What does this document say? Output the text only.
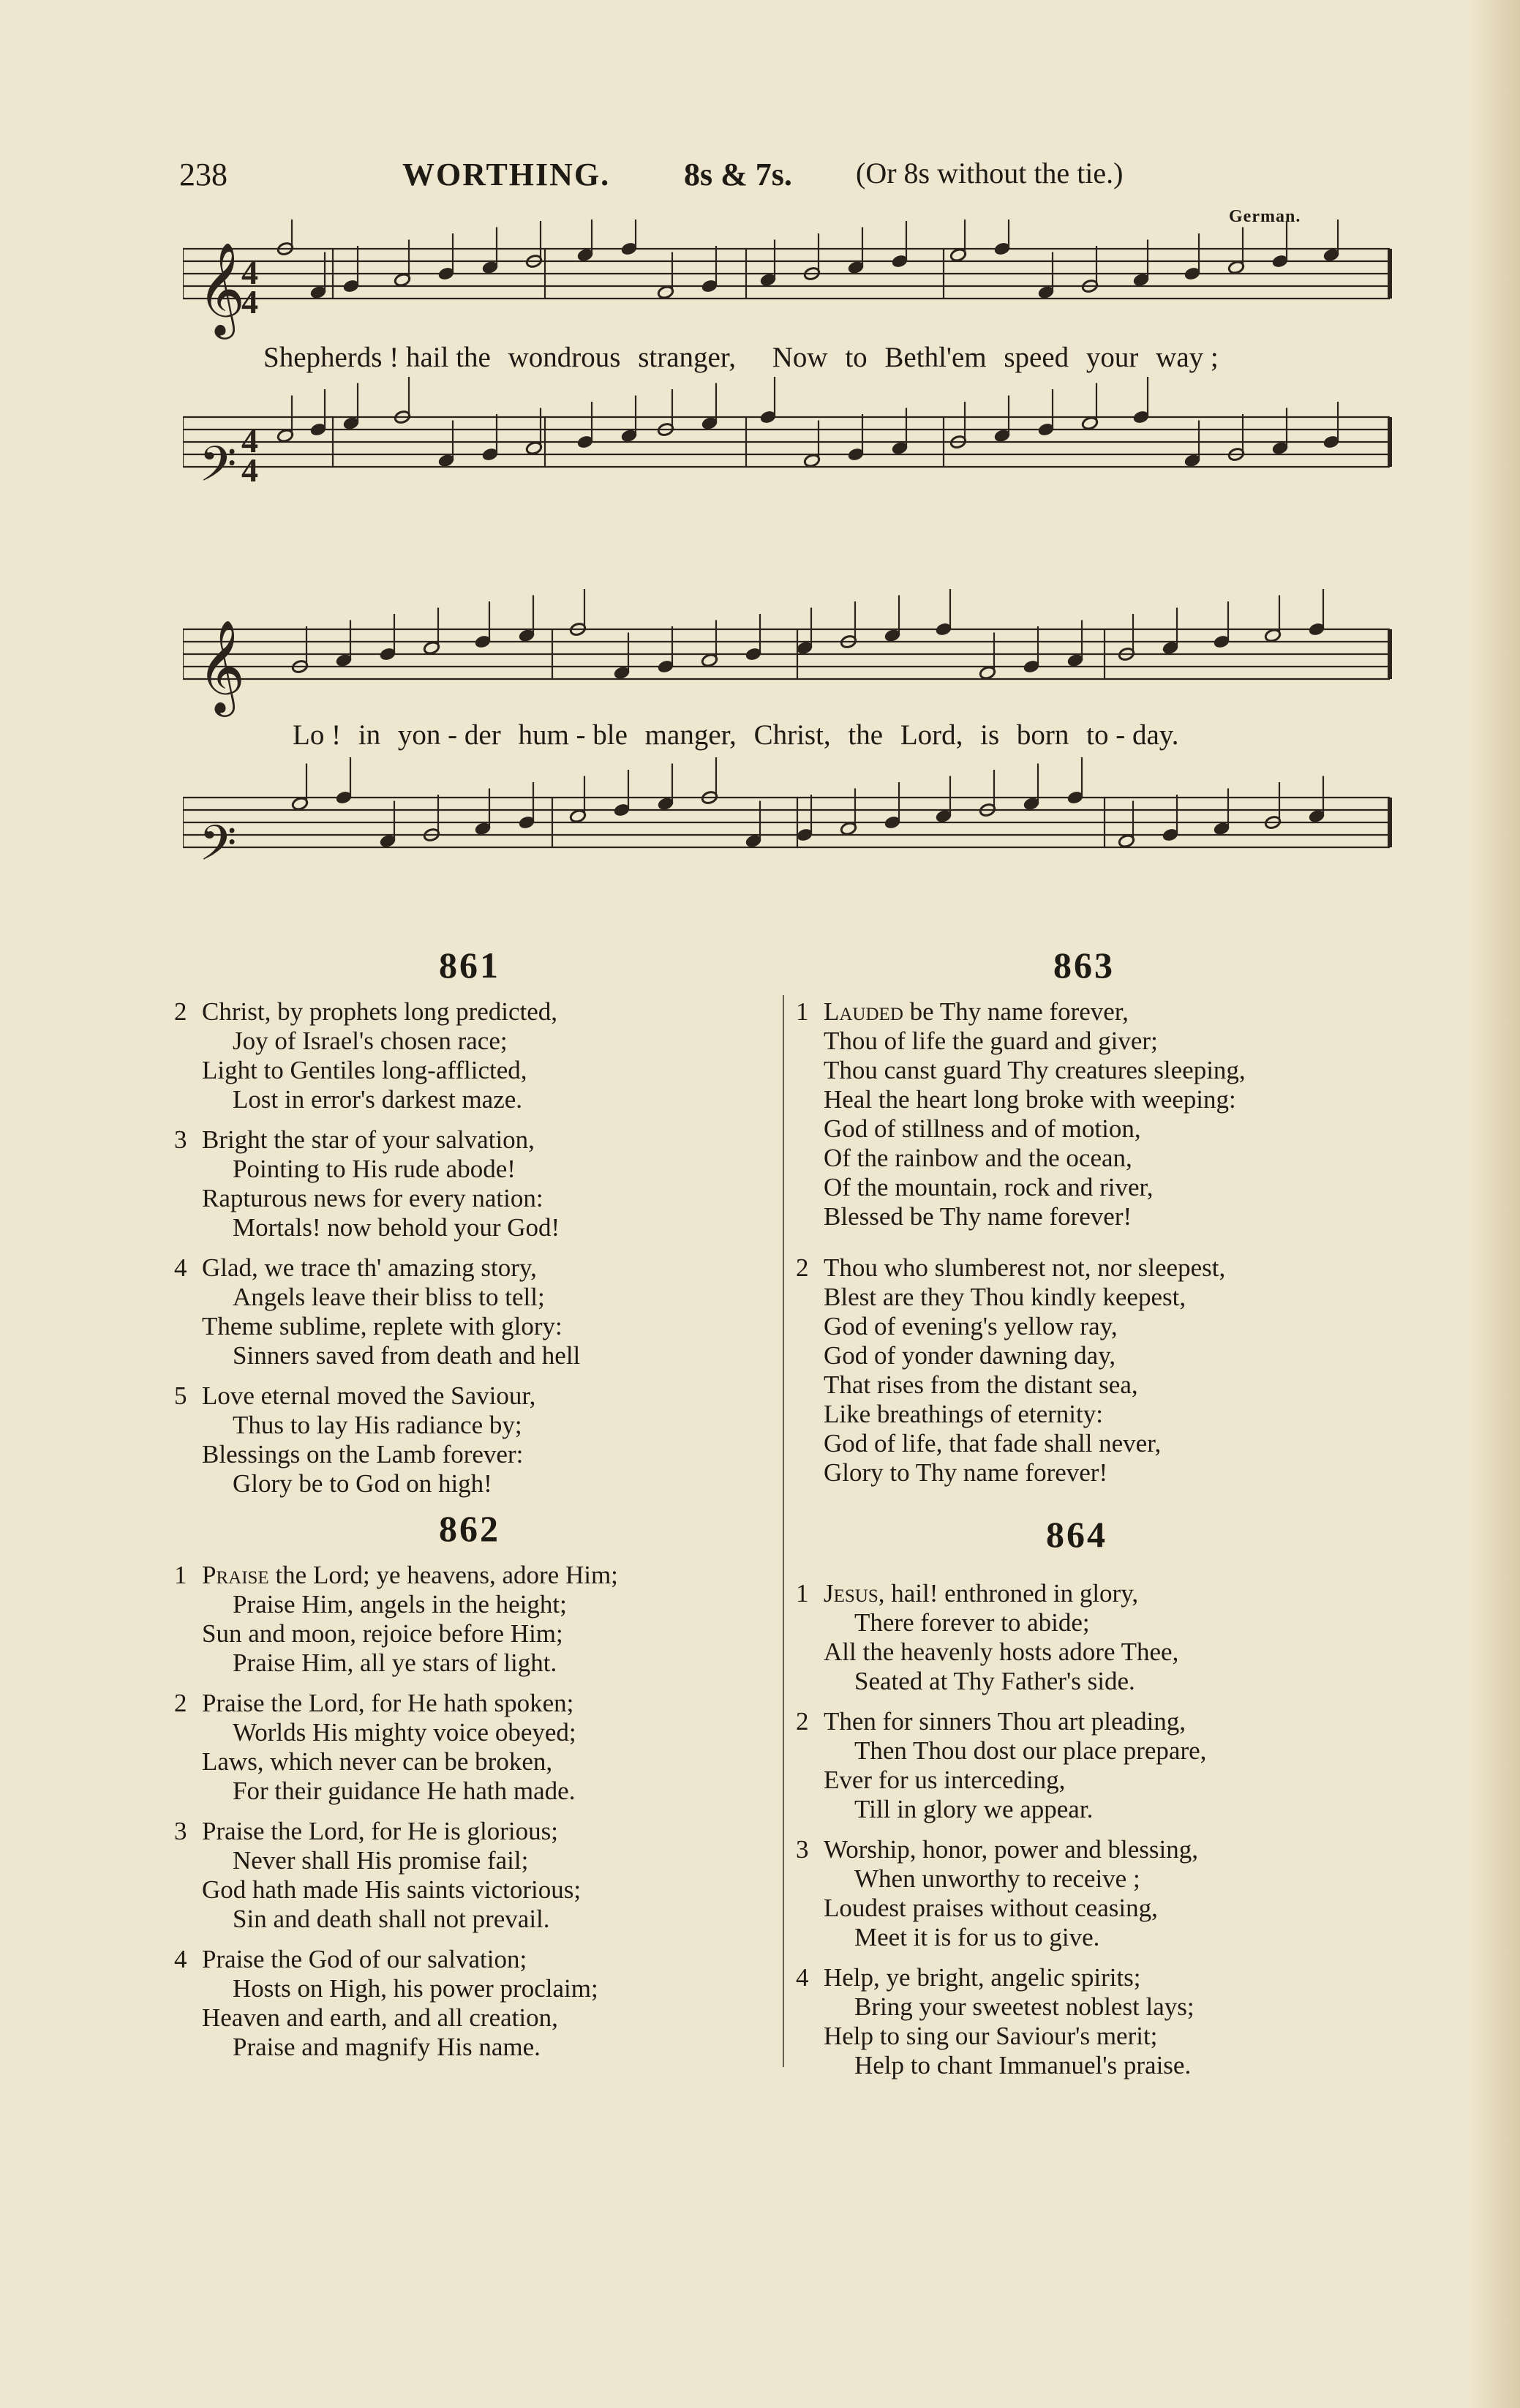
238	WORTHING. 8s & 7s. (Or 8s without the tie.)
German.
𝄞
𝄞
𝄢
𝄢
4
4
4
4
Shepherds ! hail the wondrous stranger, Now to Bethl'em speed your way ;
Lo ! in yon - der hum - ble manger, Christ, the Lord, is born to - day.
861
2 Christ, by prophets long predicted,
Joy of Israel's chosen race;
Light to Gentiles long-afflicted,
Lost in error's darkest maze.
3 Bright the star of your salvation,
Pointing to His rude abode!
Rapturous news for every nation:
Mortals! now behold your God!
4 Glad, we trace th' amazing story,
Angels leave their bliss to tell;
Theme sublime, replete with glory:
Sinners saved from death and hell
5 Love eternal moved the Saviour,
Thus to lay His radiance by;
Blessings on the Lamb forever:
Glory be to God on high!
862
1 Praise the Lord; ye heavens, adore Him;
Praise Him, angels in the height;
Sun and moon, rejoice before Him;
Praise Him, all ye stars of light.
2 Praise the Lord, for He hath spoken;
Worlds His mighty voice obeyed;
Laws, which never can be broken,
For their guidance He hath made.
3 Praise the Lord, for He is glorious;
Never shall His promise fail;
God hath made His saints victorious;
Sin and death shall not prevail.
4 Praise the God of our salvation;
Hosts on High, his power proclaim;
Heaven and earth, and all creation,
Praise and magnify His name.
863
1 Lauded be Thy name forever,
Thou of life the guard and giver;
Thou canst guard Thy creatures sleeping,
Heal the heart long broke with weeping:
God of stillness and of motion,
Of the rainbow and the ocean,
Of the mountain, rock and river,
Blessed be Thy name forever!
2 Thou who slumberest not, nor sleepest,
Blest are they Thou kindly keepest,
God of evening's yellow ray,
God of yonder dawning day,
That rises from the distant sea,
Like breathings of eternity:
God of life, that fade shall never,
Glory to Thy name forever!
864
1 Jesus, hail! enthroned in glory,
There forever to abide;
All the heavenly hosts adore Thee,
Seated at Thy Father's side.
2 Then for sinners Thou art pleading,
Then Thou dost our place prepare,
Ever for us interceding,
Till in glory we appear.
3 Worship, honor, power and blessing,
When unworthy to receive ;
Loudest praises without ceasing,
Meet it is for us to give.
4 Help, ye bright, angelic spirits;
Bring your sweetest noblest lays;
Help to sing our Saviour's merit;
Help to chant Immanuel's praise.
